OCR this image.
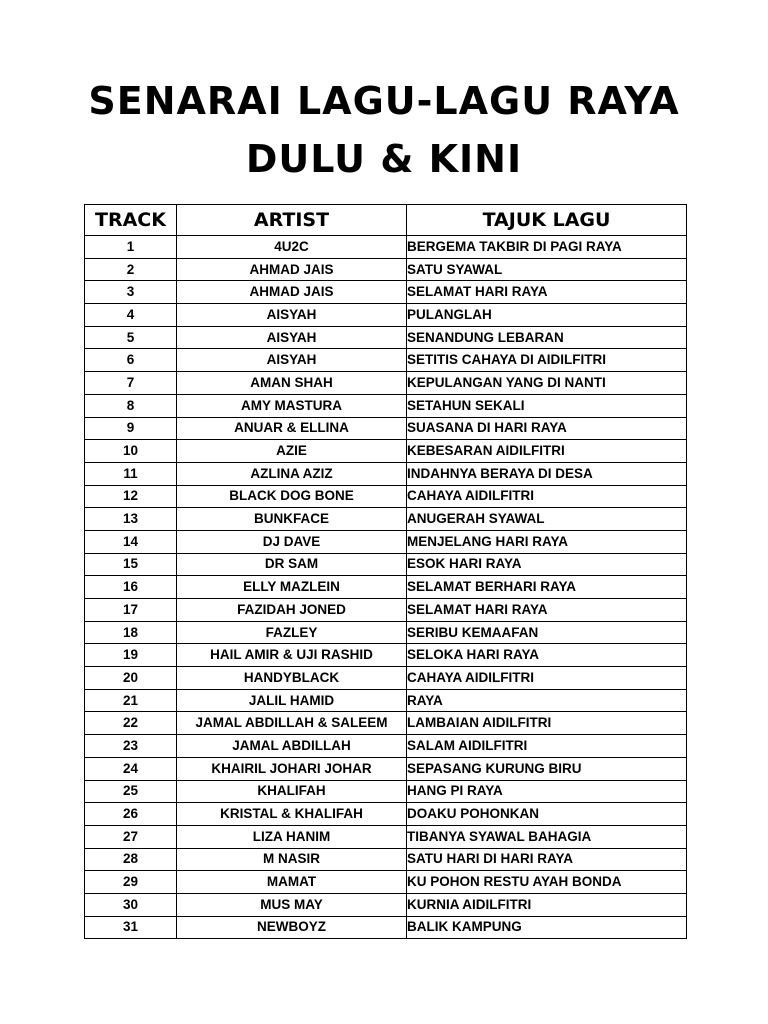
SENARAI LAGU-LAGU RAYA
DULU & KINI
TRACK	ARTIST	TAJUK LAGU
1	4U2C	BERGEMA TAKBIR DI PAGI RAYA
2	AHMAD JAIS	SATU SYAWAL
3	AHMAD JAIS	SELAMAT HARI RAYA
4	AISYAH	PULANGLAH
5	AISYAH	SENANDUNG LEBARAN
6	AISYAH	SETITIS CAHAYA DI AIDILFITRI
7	AMAN SHAH	KEPULANGAN YANG DI NANTI
8	AMY MASTURA	SETAHUN SEKALI
9	ANUAR & ELLINA	SUASANA DI HARI RAYA
10	AZIE	KEBESARAN AIDILFITRI
11	AZLINA AZIZ	INDAHNYA BERAYA DI DESA
12	BLACK DOG BONE	CAHAYA AIDILFITRI
13	BUNKFACE	ANUGERAH SYAWAL
14	DJ DAVE	MENJELANG HARI RAYA
15	DR SAM	ESOK HARI RAYA
16	ELLY MAZLEIN	SELAMAT BERHARI RAYA
17	FAZIDAH JONED	SELAMAT HARI RAYA
18	FAZLEY	SERIBU KEMAAFAN
19	HAIL AMIR & UJI RASHID	SELOKA HARI RAYA
20	HANDYBLACK	CAHAYA AIDILFITRI
21	JALIL HAMID	RAYA
22	JAMAL ABDILLAH & SALEEM	LAMBAIAN AIDILFITRI
23	JAMAL ABDILLAH	SALAM AIDILFITRI
24	KHAIRIL JOHARI JOHAR	SEPASANG KURUNG BIRU
25	KHALIFAH	HANG PI RAYA
26	KRISTAL & KHALIFAH	DOAKU POHONKAN
27	LIZA HANIM	TIBANYA SYAWAL BAHAGIA
28	M NASIR	SATU HARI DI HARI RAYA
29	MAMAT	KU POHON RESTU AYAH BONDA
30	MUS MAY	KURNIA AIDILFITRI
31	NEWBOYZ	BALIK KAMPUNG
